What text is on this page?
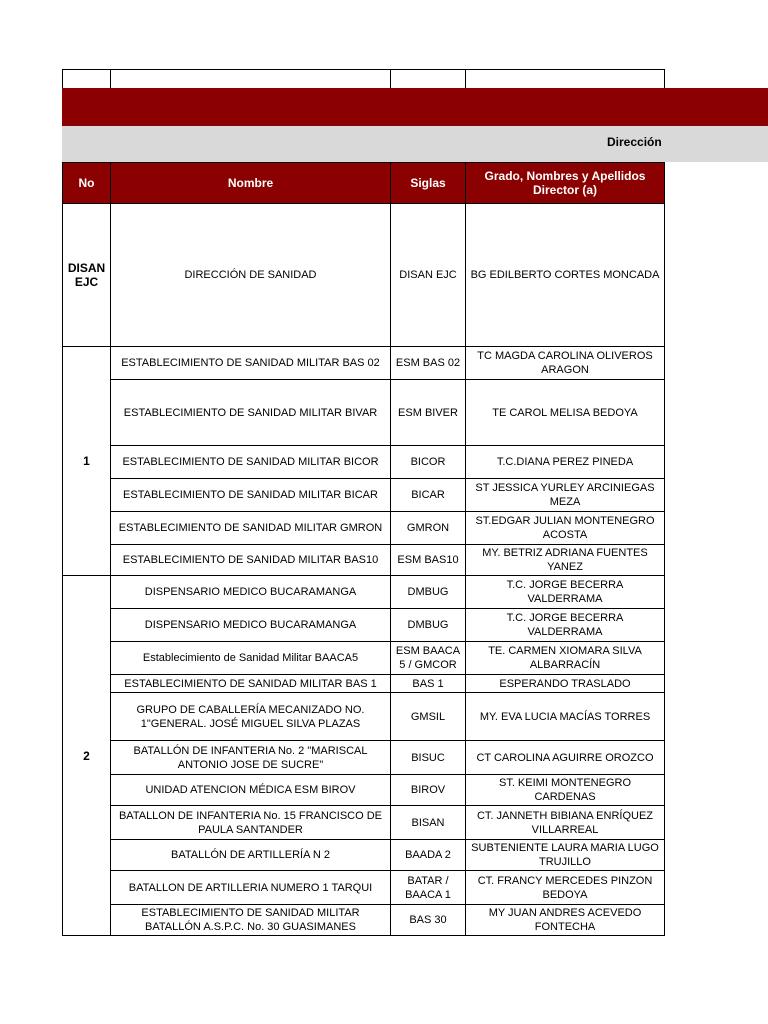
Dirección
No	Nombre	Siglas	Grado, Nombres y Apellidos Director (a)
DISAN EJC	DIRECCIÓN DE SANIDAD	DISAN EJC	BG EDILBERTO CORTES MONCADA
1	ESTABLECIMIENTO DE SANIDAD MILITAR BAS 02	ESM BAS 02	TC MAGDA CAROLINA OLIVEROS ARAGON
	ESTABLECIMIENTO DE SANIDAD MILITAR BIVAR	ESM BIVER	TE CAROL MELISA BEDOYA
	ESTABLECIMIENTO DE SANIDAD MILITAR BICOR	BICOR	T.C.DIANA PEREZ PINEDA
	ESTABLECIMIENTO DE SANIDAD MILITAR BICAR	BICAR	ST JESSICA YURLEY ARCINIEGAS MEZA
	ESTABLECIMIENTO DE SANIDAD MILITAR GMRON	GMRON	ST.EDGAR JULIAN MONTENEGRO ACOSTA
	ESTABLECIMIENTO DE SANIDAD MILITAR BAS10	ESM BAS10	MY. BETRIZ ADRIANA FUENTES YANEZ
2	DISPENSARIO MEDICO BUCARAMANGA	DMBUG	T.C. JORGE BECERRA VALDERRAMA
	DISPENSARIO MEDICO BUCARAMANGA	DMBUG	T.C. JORGE BECERRA VALDERRAMA
	Establecimiento de Sanidad Militar BAACA5	ESM BAACA 5 / GMCOR	TE. CARMEN XIOMARA SILVA ALBARRACÍN
	ESTABLECIMIENTO DE SANIDAD MILITAR BAS 1	BAS 1	ESPERANDO TRASLADO
	GRUPO DE CABALLERÍA MECANIZADO NO. 1"GENERAL. JOSÉ MIGUEL SILVA PLAZAS	GMSIL	MY. EVA LUCIA MACÍAS TORRES
	BATALLÓN DE INFANTERIA No. 2 "MARISCAL ANTONIO JOSE DE SUCRE"	BISUC	CT CAROLINA AGUIRRE OROZCO
	UNIDAD ATENCION MÉDICA ESM BIROV	BIROV	ST. KEIMI MONTENEGRO CARDENAS
	BATALLON DE INFANTERIA No. 15 FRANCISCO DE PAULA SANTANDER	BISAN	CT. JANNETH BIBIANA ENRÍQUEZ VILLARREAL
	BATALLÓN DE ARTILLERÍA N 2	BAADA 2	SUBTENIENTE LAURA MARIA LUGO TRUJILLO
	BATALLON DE ARTILLERIA NUMERO 1 TARQUI	BATAR / BAACA 1	CT. FRANCY MERCEDES PINZON BEDOYA
	ESTABLECIMIENTO DE SANIDAD MILITAR BATALLÓN A.S.P.C. No. 30 GUASIMANES	BAS 30	MY JUAN ANDRES ACEVEDO FONTECHA
